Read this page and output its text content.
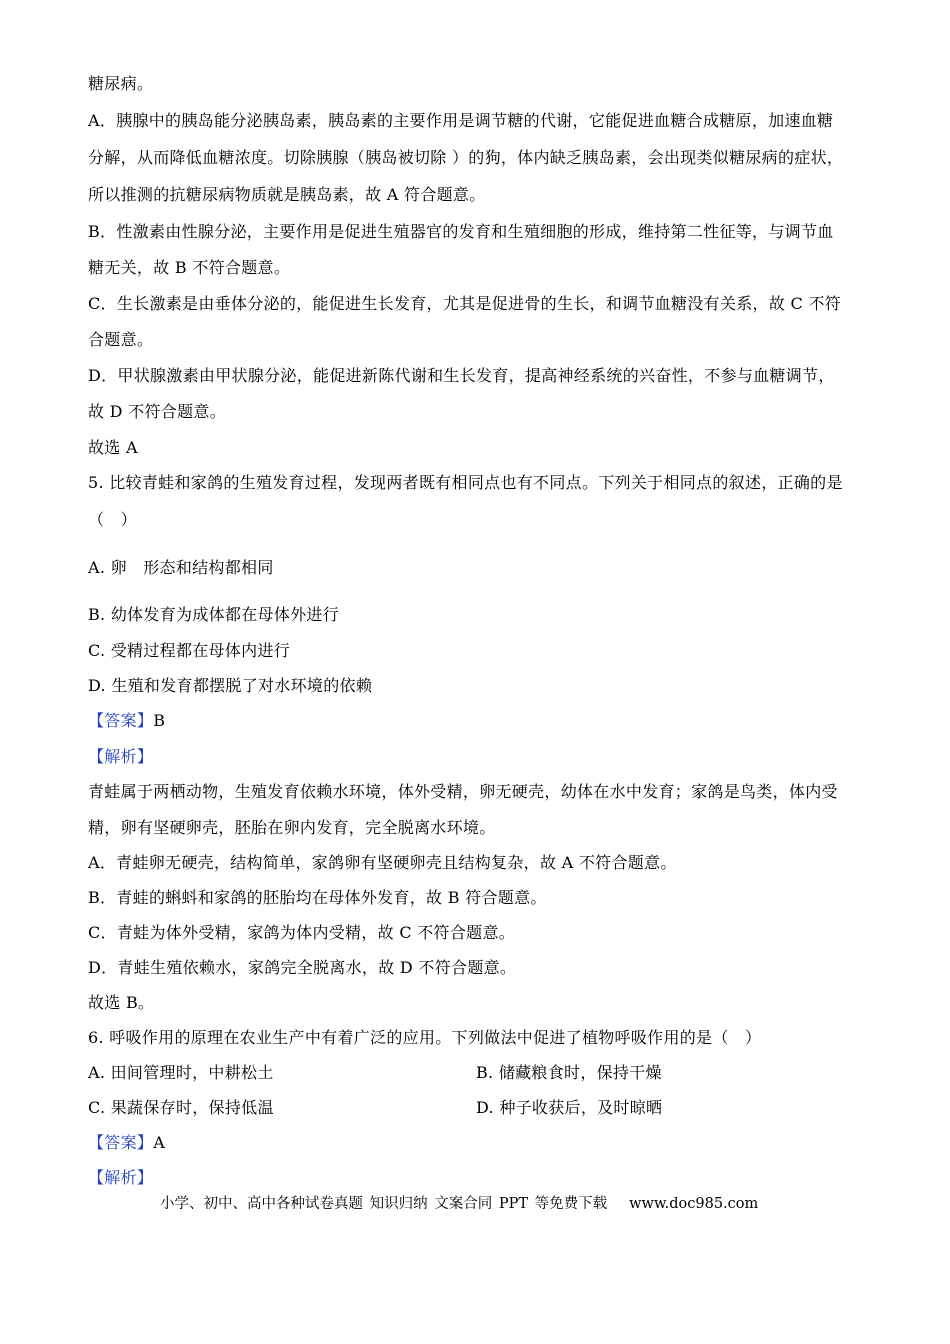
糖尿病。
A．胰腺中的胰岛能分泌胰岛素，胰岛素的主要作用是调节糖的代谢，它能促进血糖合成糖原，加速血糖
分解，从而降低血糖浓度。切除胰腺（胰岛被切除 ）的狗，体内缺乏胰岛素，会出现类似糖尿病的症状，
所以推测的抗糖尿病物质就是胰岛素，故 A 符合题意。
B．性激素由性腺分泌，主要作用是促进生殖器官的发育和生殖细胞的形成，维持第二性征等，与调节血
糖无关，故 B 不符合题意。
C．生长激素是由垂体分泌的，能促进生长发育，尤其是促进骨的生长，和调节血糖没有关系，故 C 不符
合题意。
D．甲状腺激素由甲状腺分泌，能促进新陈代谢和生长发育，提高神经系统的兴奋性，不参与血糖调节，
故 D 不符合题意。
故选 A
5. 比较青蛙和家鸽的生殖发育过程，发现两者既有相同点也有不同点。下列关于相同点的叙述，正确的是
（　）
A. 卵　形态和结构都相同
B. 幼体发育为成体都在母体外进行
C. 受精过程都在母体内进行
D. 生殖和发育都摆脱了对水环境的依赖
【答案】B
【解析】
青蛙属于两栖动物，生殖发育依赖水环境，体外受精，卵无硬壳，幼体在水中发育；家鸽是鸟类，体内受
精，卵有坚硬卵壳，胚胎在卵内发育，完全脱离水环境。
A．青蛙卵无硬壳，结构简单，家鸽卵有坚硬卵壳且结构复杂，故 A 不符合题意。
B．青蛙的蝌蚪和家鸽的胚胎均在母体外发育，故 B 符合题意。
C．青蛙为体外受精，家鸽为体内受精，故 C 不符合题意。
D．青蛙生殖依赖水，家鸽完全脱离水，故 D 不符合题意。
故选 B。
6. 呼吸作用的原理在农业生产中有着广泛的应用。下列做法中促进了植物呼吸作用的是（　）
A. 田间管理时，中耕松土	B. 储藏粮食时，保持干燥
C. 果蔬保存时，保持低温	D. 种子收获后，及时晾晒
【答案】A
【解析】
小学、初中、高中各种试卷真题 知识归纳 文案合同 PPT 等免费下载 www.doc985.com
